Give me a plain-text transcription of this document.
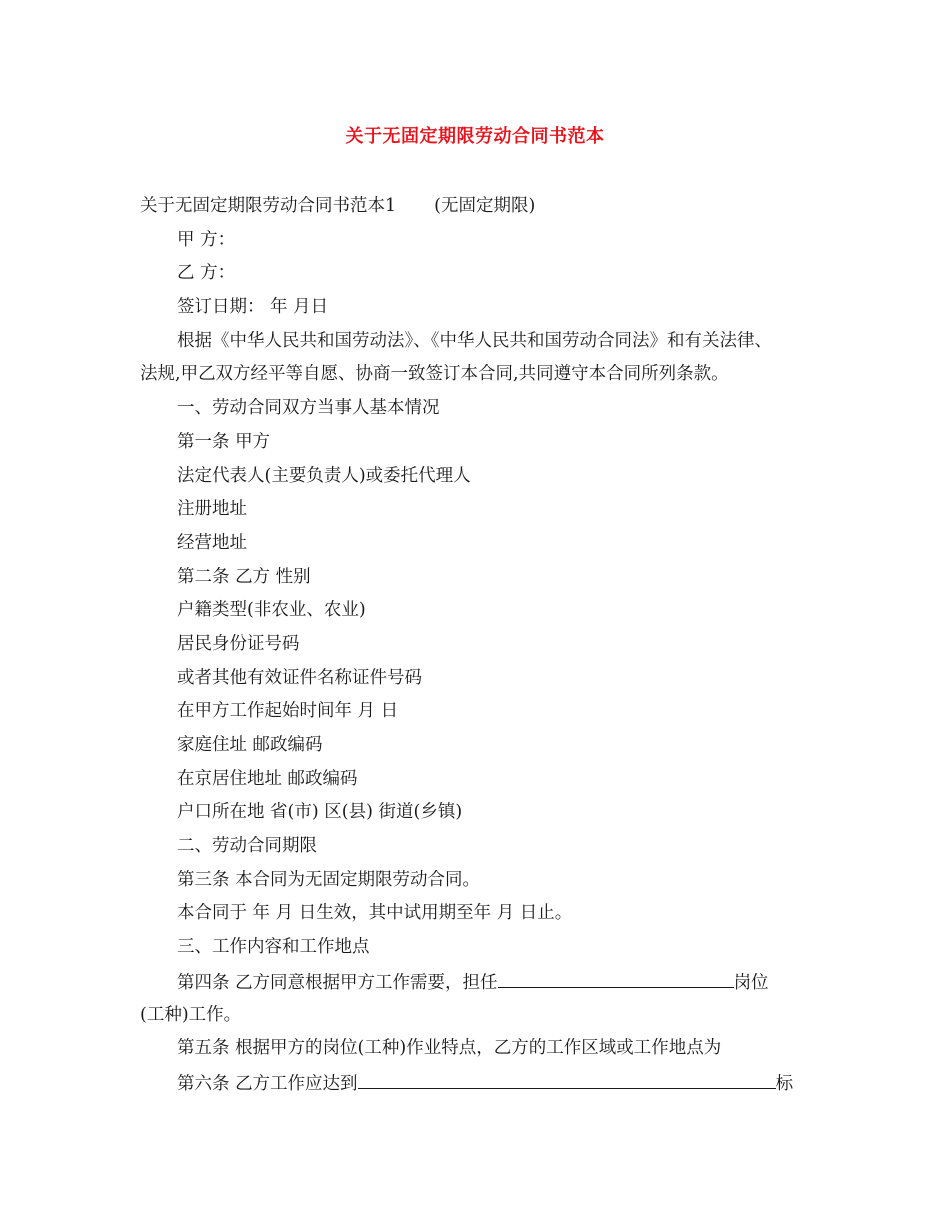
关于无固定期限劳动合同书范本
关于无固定期限劳动合同书范本1 (无固定期限)
甲 方：
乙 方：
签订日期： 年 月日
根据《中华人民共和国劳动法》、《中华人民共和国劳动合同法》和有关法律、
法规,甲乙双方经平等自愿、协商一致签订本合同,共同遵守本合同所列条款。
一、劳动合同双方当事人基本情况
第一条 甲方
法定代表人(主要负责人)或委托代理人
注册地址
经营地址
第二条 乙方 性别
户籍类型(非农业、农业)
居民身份证号码
或者其他有效证件名称证件号码
在甲方工作起始时间年 月 日
家庭住址 邮政编码
在京居住地址 邮政编码
户口所在地 省(市) 区(县) 街道(乡镇)
二、劳动合同期限
第三条 本合同为无固定期限劳动合同。
本合同于 年 月 日生效，其中试用期至年 月 日止。
三、工作内容和工作地点
第四条 乙方同意根据甲方工作需要，担任	岗位
(工种)工作。
第五条 根据甲方的岗位(工种)作业特点，乙方的工作区域或工作地点为
第六条 乙方工作应达到	标
